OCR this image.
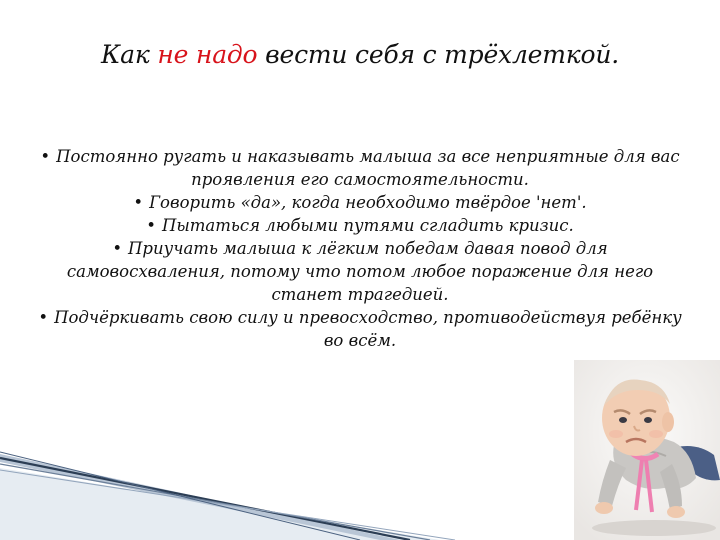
Как не надо вести себя с трёхлеткой.

• Постоянно ругать и наказывать малыша за все неприятные для вас проявления его самостоятельности.

• Говорить «да», когда необходимо твёрдое 'нет'.

• Пытаться любыми путями сгладить кризис.

• Приучать малыша к лёгким победам давая повод для самовосхваления, потому что потом любое поражение для него станет трагедией.

• Подчёркивать свою силу и превосходство, противодействуя ребёнку во всём.
